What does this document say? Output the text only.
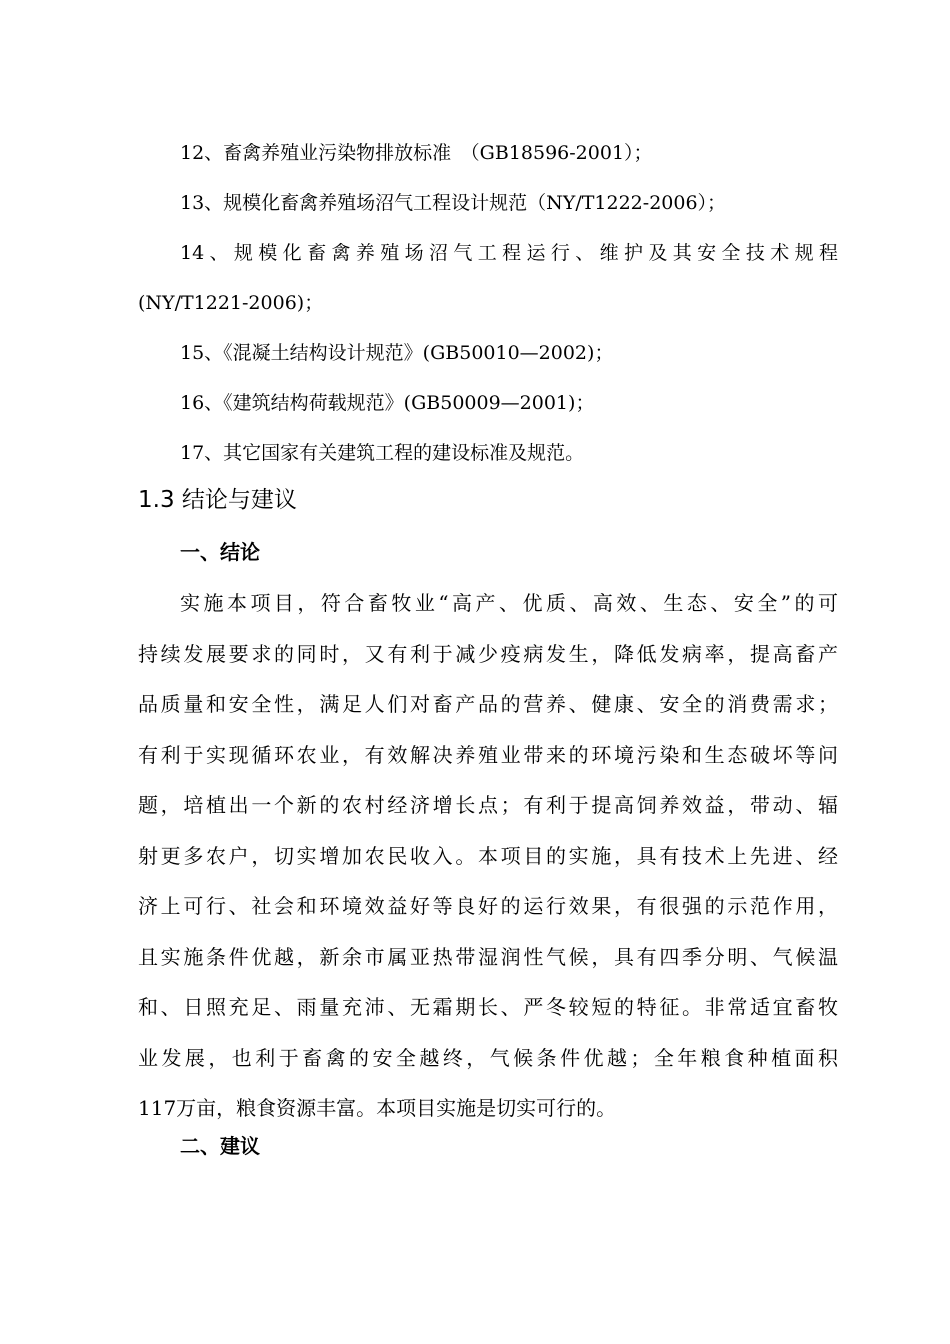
12、畜禽养殖业污染物排放标准　（GB18596-2001）；
13、规模化畜禽养殖场沼气工程设计规范（NY/T1222-2006）；
14、规模化畜禽养殖场沼气工程运行、维护及其安全技术规程
(NY/T1221-2006)；
15、《混凝土结构设计规范》(GB50010—2002)；
16、《建筑结构荷载规范》(GB50009—2001)；
17、其它国家有关建筑工程的建设标准及规范。
1.3 结论与建议
一、结论
实施本项目，符合畜牧业“高产、优质、高效、生态、安全”的可
持续发展要求的同时，又有利于减少疫病发生，降低发病率，提高畜产
品质量和安全性，满足人们对畜产品的营养、健康、安全的消费需求；
有利于实现循环农业，有效解决养殖业带来的环境污染和生态破坏等问
题，培植出一个新的农村经济增长点；有利于提高饲养效益，带动、辐
射更多农户，切实增加农民收入。本项目的实施，具有技术上先进、经
济上可行、社会和环境效益好等良好的运行效果，有很强的示范作用，
且实施条件优越，新余市属亚热带湿润性气候，具有四季分明、气候温
和、日照充足、雨量充沛、无霜期长、严冬较短的特征。非常适宜畜牧
业发展，也利于畜禽的安全越终，气候条件优越；全年粮食种植面积
117万亩，粮食资源丰富。本项目实施是切实可行的。
二、建议
